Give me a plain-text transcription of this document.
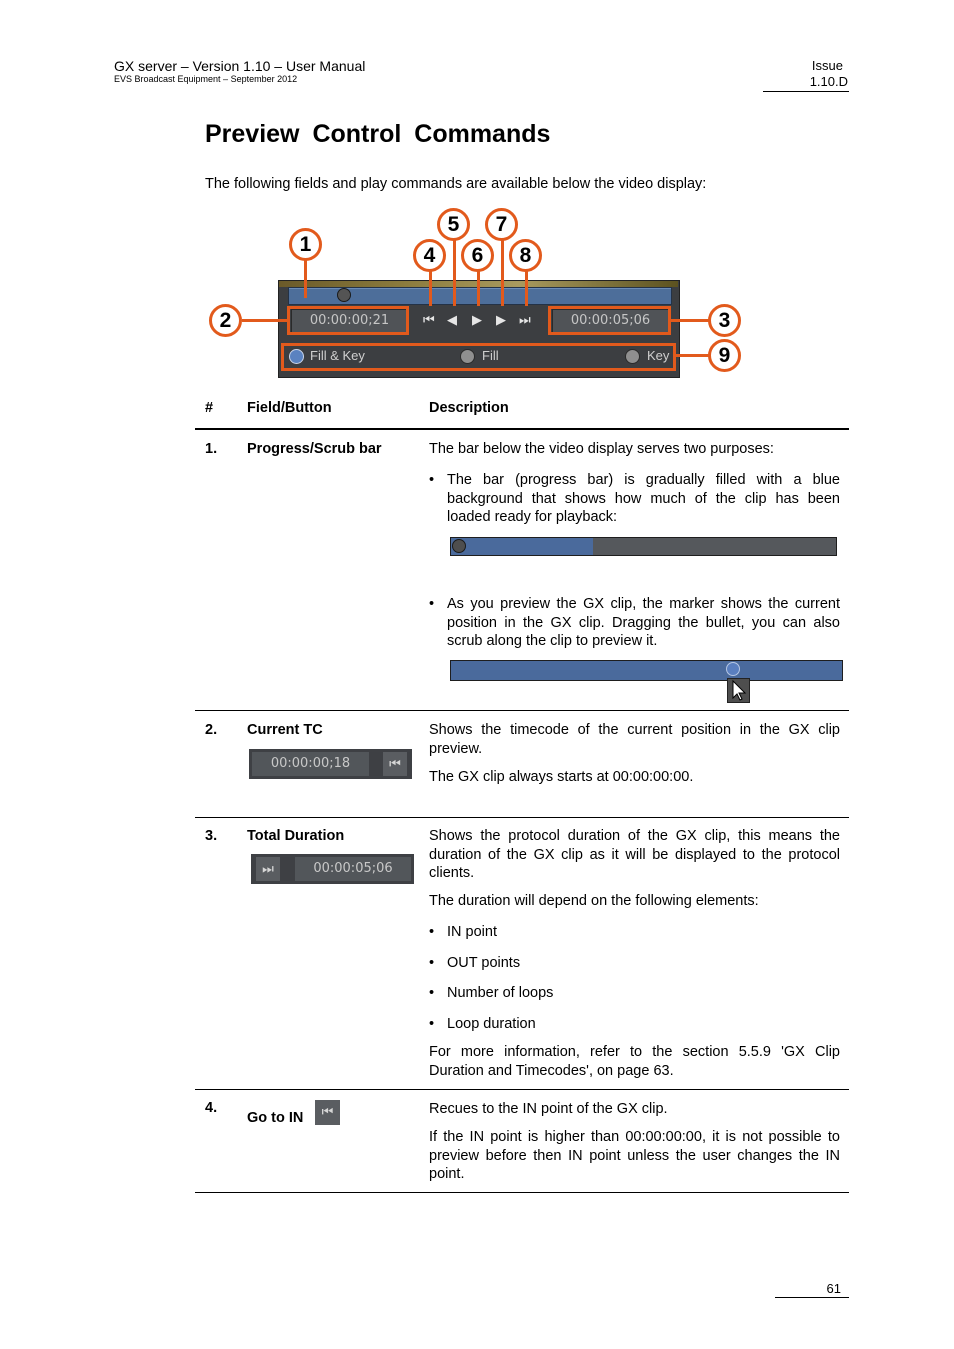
GX server – Version 1.10 – User Manual
EVS Broadcast Equipment – September 2012
Issue
1.10.D
Preview Control Commands
The following fields and play commands are available below the video display:
00:00:00;21	00:00:05;06
⏮ ◀ ▶ ▶ ⏭
Fill & Key	Fill	Key
1
2	3
4
5
6
7
8
9
# Field/Button	Description
1. Progress/Scrub bar	The bar below the video display serves two purposes:
• The bar (progress bar) is gradually filled with a blue background that shows how much of the clip has been loaded ready for playback:
• As you preview the GX clip, the marker shows the current position in the GX clip. Dragging the bullet, you can also scrub along the clip to preview it.
2. Current TC
00:00:00;18	⏮
Shows the timecode of the current position in the GX clip preview.
The GX clip always starts at 00:00:00:00.
3. Total Duration
⏭	00:00:05;06
Shows the protocol duration of the GX clip, this means the duration of the GX clip as it will be displayed to the protocol clients.
The duration will depend on the following elements:
• IN point
• OUT points
• Number of loops
• Loop duration
For more information, refer to the section 5.5.9 'GX Clip Duration and Timecodes', on page 63.
4.
Go to IN	⏮	Recues to the IN point of the GX clip.
If the IN point is higher than 00:00:00:00, it is not possible to preview before then IN point unless the user changes the IN point.
61
